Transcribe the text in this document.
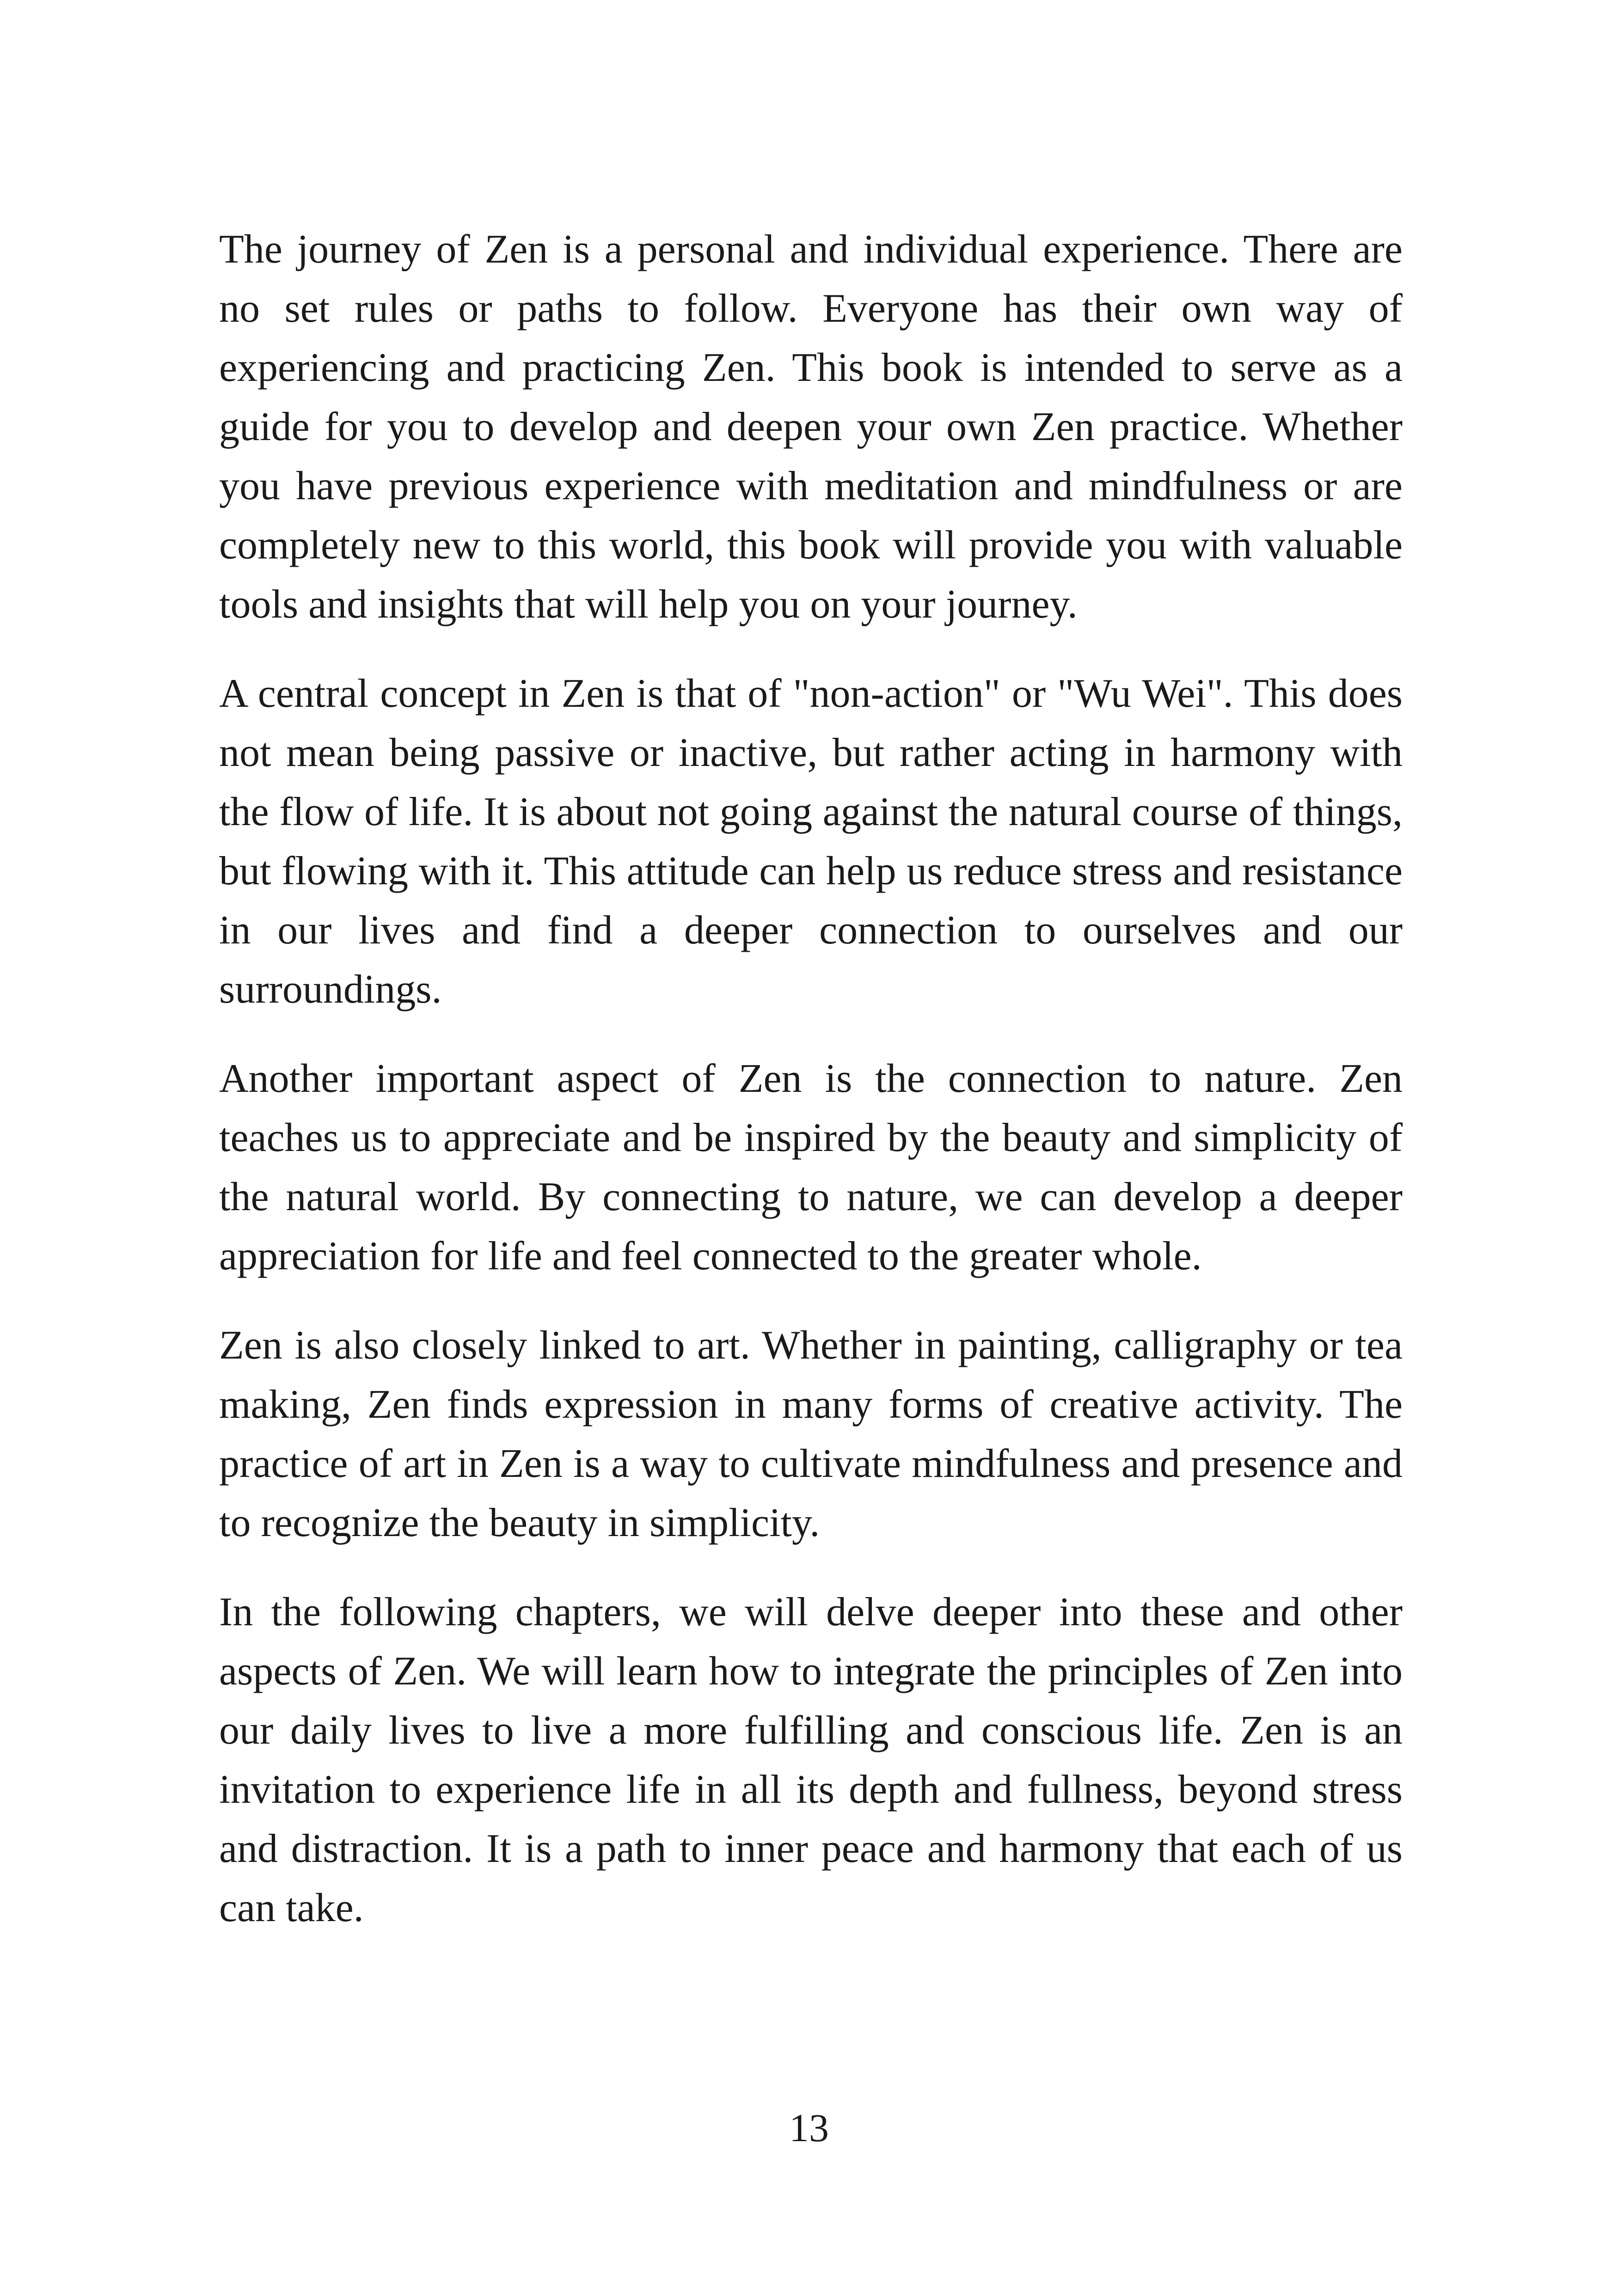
The journey of Zen is a personal and individual experience. There are no set rules or paths to follow. Everyone has their own way of experiencing and practicing Zen. This book is intended to serve as a guide for you to develop and deepen your own Zen practice. Whether you have previous experience with meditation and mindfulness or are completely new to this world, this book will provide you with valuable tools and insights that will help you on your journey.

A central concept in Zen is that of "non-action" or "Wu Wei". This does not mean being passive or inactive, but rather acting in harmony with the flow of life. It is about not going against the natural course of things, but flowing with it. This attitude can help us reduce stress and resistance in our lives and find a deeper connection to ourselves and our surroundings.

Another important aspect of Zen is the connection to nature. Zen teaches us to appreciate and be inspired by the beauty and simplicity of the natural world. By connecting to nature, we can develop a deeper appreciation for life and feel connected to the greater whole.

Zen is also closely linked to art. Whether in painting, calligraphy or tea making, Zen finds expression in many forms of creative activity. The practice of art in Zen is a way to cultivate mindfulness and presence and to recognize the beauty in simplicity.

In the following chapters, we will delve deeper into these and other aspects of Zen. We will learn how to integrate the principles of Zen into our daily lives to live a more fulfilling and conscious life. Zen is an invitation to experience life in all its depth and fullness, beyond stress and distraction. It is a path to inner peace and harmony that each of us can take.

13
